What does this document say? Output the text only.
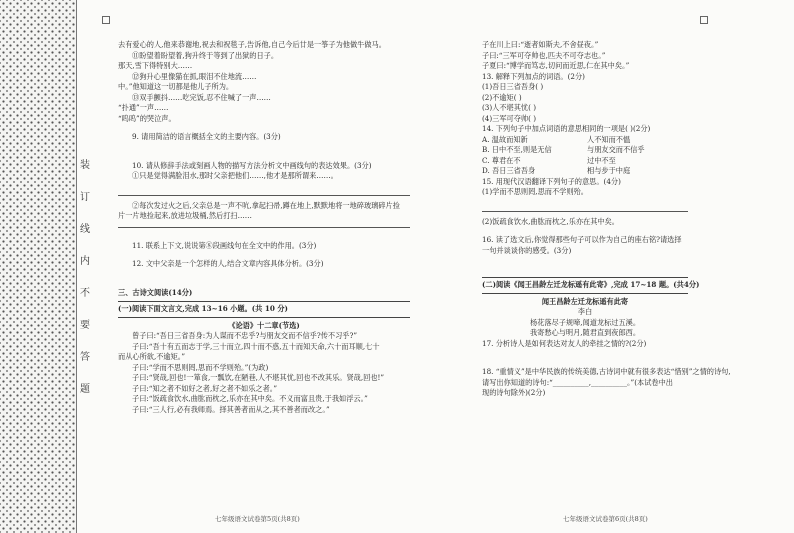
装
订
线
内
不
要
答
题
去有爱心的人,他来恭谢地,祝去和祝毯子,告诉他,自己今后廿是一筝子为他做牛做马。
⑪盼望着盼望着,狗升终于等到了出狱的日子。
那天,雪下得特别大……
⑫狗升心里像猫在抓,眼泪不住地流……
中。”他知道这一切都是他儿子所为。
⑬双手颤抖……吃完饭,忍不住喊了一声……
“扑通”一声……
“呜呜”的哭泣声。
9. 请用简洁的语言概括全文的主要内容。(3分)
10. 请从修辞手法或刻画人物的描写方法分析文中画线句的表达效果。(3分)
①只是觉得满脸泪水,那时父亲把他们……,他才是那所谓来……。
②每次发过火之后,父亲总是一声不吭,拿起扫帚,蹲在地上,默默地将一地碎玻璃碎片捡
片一片地捡起来,放进垃圾桶,然后打扫……
11. 联系上下文,说说第⑧段画线句在全文中的作用。(3分)
12. 文中父亲是一个怎样的人,结合文章内容具体分析。(3分)
三、古诗文阅读(14分)
(一)阅读下面文言文,完成 13~16 小题。(共 10 分)
《论语》十二章(节选)
曾子曰:“吾日三省吾身:为人谋而不忠乎?与朋友交而不信乎?传不习乎?”
子曰:“吾十有五而志于学,三十而立,四十而不惑,五十而知天命,六十而耳顺,七十
而从心所欲,不逾矩。”
子曰:“学而不思则罔,思而不学则殆。”(为政)
子曰:“贤哉,回也!一箪食,一瓢饮,在陋巷,人不堪其忧,回也不改其乐。贤哉,回也!”
子曰:“知之者不如好之者,好之者不如乐之者。”
子曰:“饭疏食饮水,曲肱而枕之,乐亦在其中矣。不义而富且贵,于我如浮云。”
子曰:“三人行,必有我师焉。择其善者而从之,其不善者而改之。”
七年级语文试卷第5页(共8页)
子在川上曰:“逝者如斯夫,不舍昼夜。”
子曰:“三军可夺帅也,匹夫不可夺志也。”
子夏曰:“博学而笃志,切问而近思,仁在其中矣。”
13. 解释下列加点的词语。(2分)
(1)吾日三省吾身( )
(2)不逾矩( )
(3)人不堪其忧( )
(4)三军可夺帅( )
14. 下列句子中加点词语的意思相同的一项是( )(2分)
A. 温故而知新	人不知而不愠
B. 日中不至,则是无信	与朋友交而不信乎
C. 尊君在不	过中不至
D. 吾日三省吾身	相与步于中庭
15. 用现代汉语翻译下列句子的意思。(4分)
(1)学而不思则罔,思而不学则殆。
(2)饭疏食饮水,曲肱而枕之,乐亦在其中矣。
16. 读了选文后,你觉得那些句子可以作为自己的座右铭?请选择一句并谈谈你的感受。(3分)
(二)阅读《闻王昌龄左迁龙标遥有此寄》,完成 17~18 题。(共4分)
闻王昌龄左迁龙标遥有此寄
李白
杨花落尽子规啼,闻道龙标过五溪。
我寄愁心与明月,随君直到夜郎西。
17. 分析诗人是如何表达对友人的牵挂之情的?(2分)
18. “重情义”是中华民族的传统美德,古诗词中就有很多表达“惜别”之情的诗句,
请写出你知道的诗句:“__________,__________。”(本试卷中出
现的诗句除外)(2分)
七年级语文试卷第6页(共8页)
